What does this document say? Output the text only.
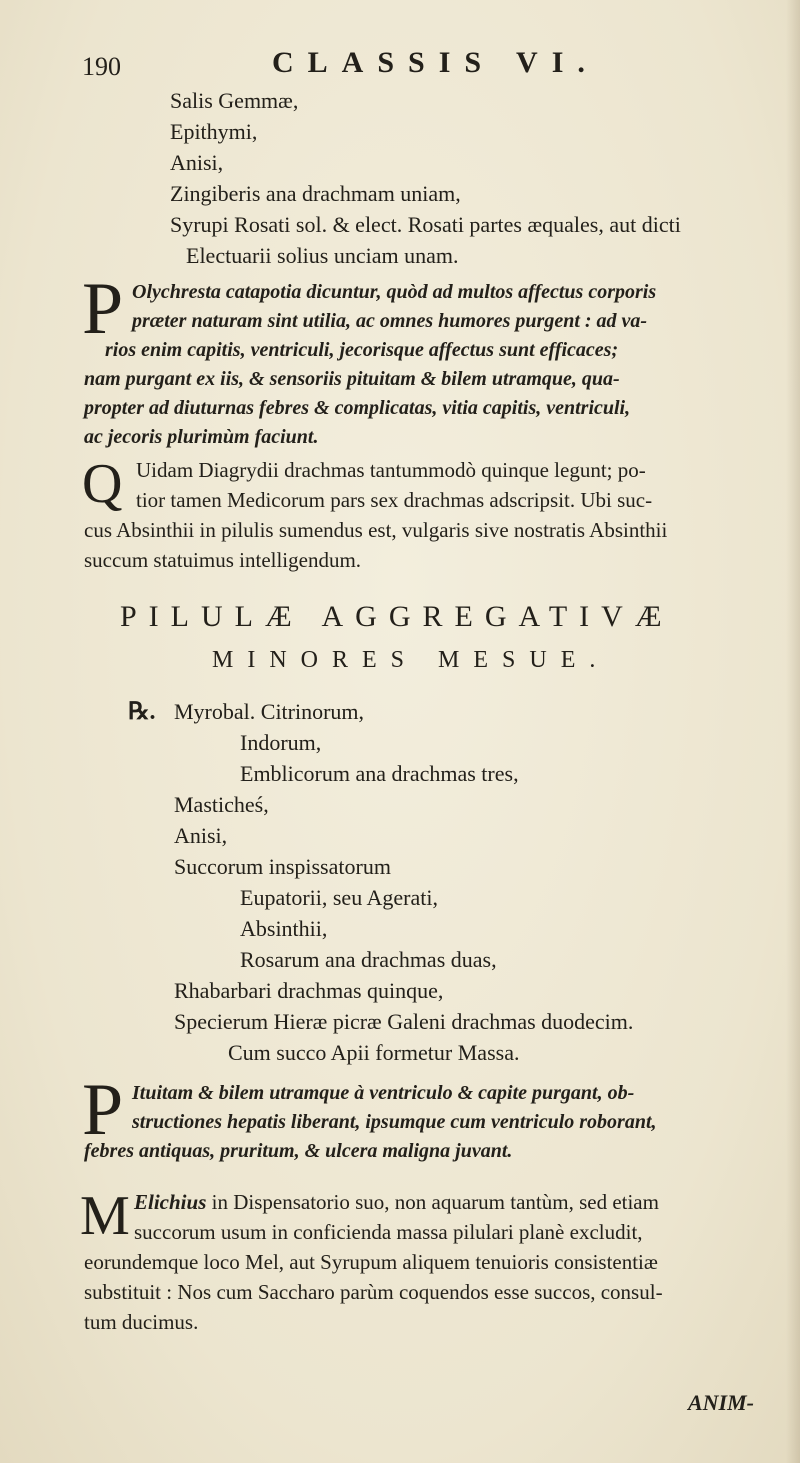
190	CLASSIS VI.
Salis Gemmæ,
Epithymi,
Anisi,
Zingiberis ana drachmam uniam,
Syrupi Rosati sol. & elect. Rosati partes æquales, aut dicti
Electuarii solius unciam unam.
P Olychresta catapotia dicuntur, quòd ad multos affectus corporis
præter naturam sint utilia, ac omnes humores purgent : ad va-
rios enim capitis, ventriculi, jecorisque affectus sunt efficaces;
nam purgant ex iis, & sensoriis pituitam & bilem utramque, qua-
propter ad diuturnas febres & complicatas, vitia capitis, ventriculi,
ac jecoris plurimùm faciunt.
Q Uidam Diagrydii drachmas tantummodò quinque legunt; po-
tior tamen Medicorum pars sex drachmas adscripsit. Ubi suc-
cus Absinthii in pilulis sumendus est, vulgaris sive nostratis Absinthii
succum statuimus intelligendum.
PILULÆ AGGREGATIVÆ
MINORES MESUE.
℞. Myrobal. Citrinorum,
Indorum,
Emblicorum ana drachmas tres,
Masticheś,
Anisi,
Succorum inspissatorum
Eupatorii, seu Agerati,
Absinthii,
Rosarum ana drachmas duas,
Rhabarbari drachmas quinque,
Specierum Hieræ picræ Galeni drachmas duodecim.
Cum succo Apii formetur Massa.
P Ituitam & bilem utramque à ventriculo & capite purgant, ob-
structiones hepatis liberant, ipsumque cum ventriculo roborant,
febres antiquas, pruritum, & ulcera maligna juvant.
M Elichius in Dispensatorio suo, non aquarum tantùm, sed etiam
succorum usum in conficienda massa pilulari planè excludit,
eorundemque loco Mel, aut Syrupum aliquem tenuioris consistentiæ
substituit : Nos cum Saccharo parùm coquendos esse succos, consul-
tum ducimus.
ANIM-
